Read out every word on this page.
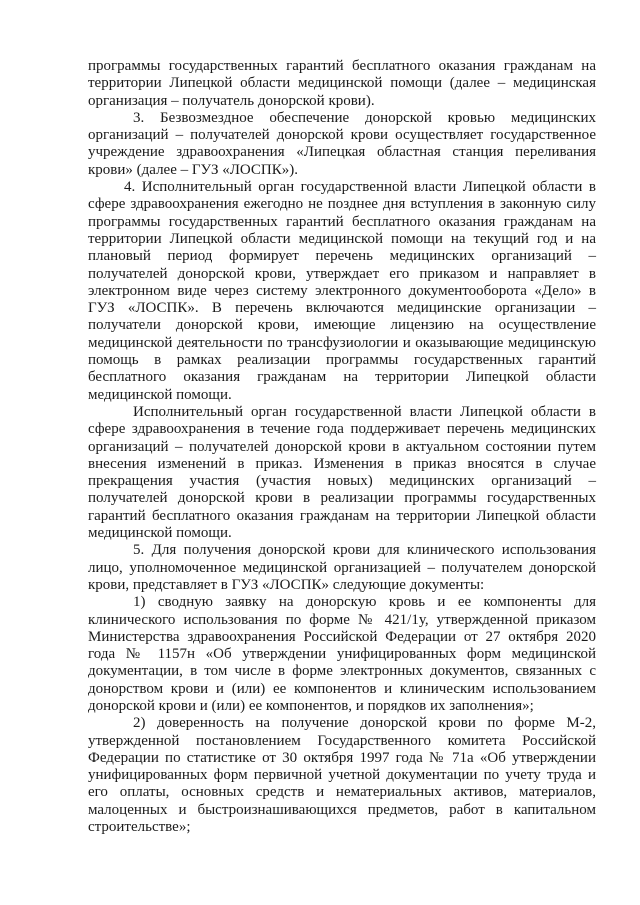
программы государственных гарантий бесплатного оказания гражданам на территории Липецкой области медицинской помощи (далее – медицинская организация – получатель донорской крови).

3. Безвозмездное обеспечение донорской кровью медицинских организаций – получателей донорской крови осуществляет государственное учреждение здравоохранения «Липецкая областная станция переливания крови» (далее – ГУЗ «ЛОСПК»).

4. Исполнительный орган государственной власти Липецкой области в сфере здравоохранения ежегодно не позднее дня вступления в законную силу программы государственных гарантий бесплатного оказания гражданам на территории Липецкой области медицинской помощи на текущий год и на плановый период формирует перечень медицинских организаций – получателей донорской крови, утверждает его приказом и направляет в электронном виде через систему электронного документооборота «Дело» в ГУЗ «ЛОСПК». В перечень включаются медицинские организации – получатели донорской крови, имеющие лицензию на осуществление медицинской деятельности по трансфузиологии и оказывающие медицинскую помощь в рамках реализации программы государственных гарантий бесплатного оказания гражданам на территории Липецкой области медицинской помощи.

Исполнительный орган государственной власти Липецкой области в сфере здравоохранения в течение года поддерживает перечень медицинских организаций – получателей донорской крови в актуальном состоянии путем внесения изменений в приказ. Изменения в приказ вносятся в случае прекращения участия (участия новых) медицинских организаций – получателей донорской крови в реализации программы государственных гарантий бесплатного оказания гражданам на территории Липецкой области медицинской помощи.

5. Для получения донорской крови для клинического использования лицо, уполномоченное медицинской организацией – получателем донорской крови, представляет в ГУЗ «ЛОСПК» следующие документы:

1) сводную заявку на донорскую кровь и ее компоненты для клинического использования по форме № 421/1у, утвержденной приказом Министерства здравоохранения Российской Федерации от 27 октября 2020 года № 1157н «Об утверждении унифицированных форм медицинской документации, в том числе в форме электронных документов, связанных с донорством крови и (или) ее компонентов и клиническим использованием донорской крови и (или) ее компонентов, и порядков их заполнения»;

2) доверенность на получение донорской крови по форме М-2, утвержденной постановлением Государственного комитета Российской Федерации по статистике от 30 октября 1997 года № 71а «Об утверждении унифицированных форм первичной учетной документации по учету труда и его оплаты, основных средств и нематериальных активов, материалов, малоценных и быстроизнашивающихся предметов, работ в капитальном строительстве»;
